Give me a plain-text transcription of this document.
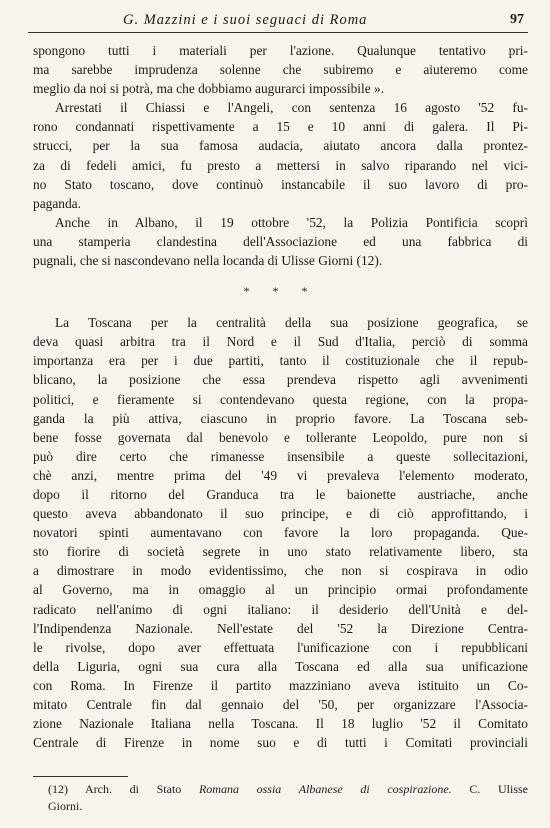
G. Mazzini e i suoi seguaci di Roma	97
spongono tutti i materiali per l'azione. Qualunque tentativo pri-
ma sarebbe imprudenza solenne che subiremo e aiuteremo come
meglio da noi si potrà, ma che dobbiamo augurarci impossibile ».
Arrestati il Chiassi e l'Angeli, con sentenza 16 agosto '52 fu-
rono condannati rispettivamente a 15 e 10 anni di galera. Il Pi-
strucci, per la sua famosa audacia, aiutato ancora dalla prontez-
za di fedeli amici, fu presto a mettersi in salvo riparando nel vici-
no Stato toscano, dove continuò instancabile il suo lavoro di pro-
paganda.
Anche in Albano, il 19 ottobre '52, la Polizia Pontificia scoprì
una stamperia clandestina dell'Associazione ed una fabbrica di
pugnali, che si nascondevano nella locanda di Ulisse Giorni (12).
* * *
La Toscana per la centralità della sua posizione geografica, se
deva quasi arbitra tra il Nord e il Sud d'Italia, perciò di somma
importanza era per i due partiti, tanto il costituzionale che il repub-
blicano, la posizione che essa prendeva rispetto agli avvenimenti
politici, e fieramente si contendevano questa regione, con la propa-
ganda la più attiva, ciascuno in proprio favore. La Toscana seb-
bene fosse governata dal benevolo e tollerante Leopoldo, pure non si
può dire certo che rimanesse insensibile a queste sollecitazioni,
chè anzi, mentre prima del '49 vi prevaleva l'elemento moderato,
dopo il ritorno del Granduca tra le baionette austriache, anche
questo aveva abbandonato il suo principe, e di ciò approfittando, i
novatori spinti aumentavano con favore la loro propaganda. Que-
sto fiorire di società segrete in uno stato relativamente libero, sta
a dimostrare in modo evidentissimo, che non si cospirava in odio
al Governo, ma in omaggio al un principio ormai profondamente
radicato nell'animo di ogni italiano: il desiderio dell'Unità e del-
l'Indipendenza Nazionale. Nell'estate del '52 la Direzione Centra-
le rivolse, dopo aver effettuata l'unificazione con i repubblicani
della Liguria, ogni sua cura alla Toscana ed alla sua unificazione
con Roma. In Firenze il partito mazziniano aveva istituito un Co-
mitato Centrale fin dal gennaio del '50, per organizzare l'Associa-
zione Nazionale Italiana nella Toscana. Il 18 luglio '52 il Comitato
Centrale di Firenze in nome suo e di tutti i Comitati provinciali
(12) Arch. di Stato Romana ossia Albanese di cospirazione. C. Ulisse
Giorni.
